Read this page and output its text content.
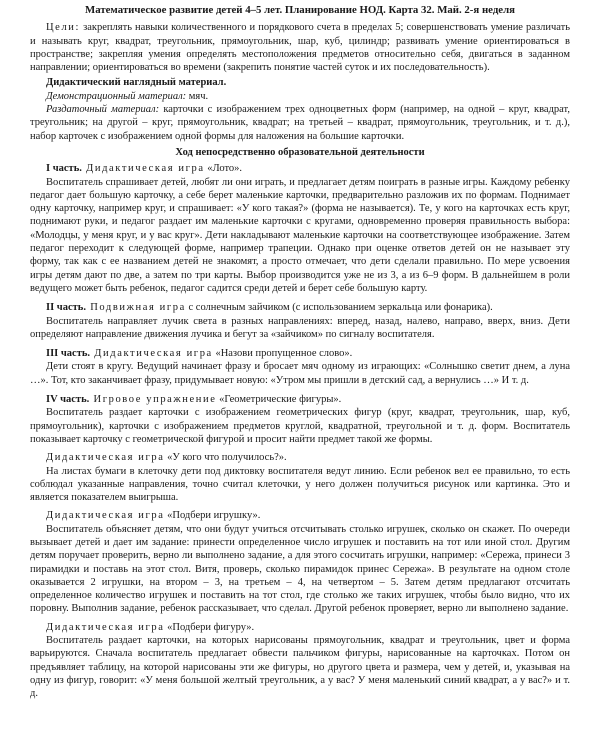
Математическое развитие детей 4–5 лет. Планирование НОД. Карта 32. Май. 2-я неделя

Цели: закреплять навыки количественного и порядкового счета в пределах 5; совершенствовать умение различать и называть круг, квадрат, треугольник, прямоугольник, шар, куб, цилиндр; развивать умение ориентироваться в пространстве; закрепляя умения определять местоположения предметов относительно себя, двигаться в заданном направлении; ориентироваться во времени (закрепить понятие частей суток и их последовательность).

Дидактический наглядный материал.

Демонстрационный материал: мяч.

Раздаточный материал: карточки с изображением трех одноцветных форм (например, на одной – круг, квадрат, треугольник; на другой – круг, прямоугольник, квадрат; на третьей – квадрат, прямоугольник, треугольник, и т. д.), набор карточек с изображением одной формы для наложения на большие карточки.

Ход непосредственно образовательной деятельности

I часть. Дидактическая игра «Лото».

Воспитатель спрашивает детей, любят ли они играть, и предлагает детям поиграть в разные игры. Каждому ребенку педагог дает большую карточку, а себе берет маленькие карточки, предварительно разложив их по формам. Поднимает одну карточку, например круг, и спрашивает: «У кого такая?» (форма не называется). Те, у кого на карточках есть круг, поднимают руки, и педагог раздает им маленькие карточки с кругами, одновременно проверяя правильность выбора: «Молодцы, у меня круг, и у вас круг». Дети накладывают маленькие карточки на соответствующее изображение. Затем педагог переходит к следующей форме, например трапеции. Однако при оценке ответов детей он не называет эту форму, так как с ее названием детей не знакомят, а просто отмечает, что дети сделали правильно. По мере усвоения игры детям дают по две, а затем по три карты. Выбор производится уже не из 3, а из 6–9 форм. В дальнейшем в роли ведущего может быть ребенок, педагог садится среди детей и берет себе большую карту.

II часть. Подвижная игра с солнечным зайчиком (с использованием зеркальца или фонарика).

Воспитатель направляет лучик света в разных направлениях: вперед, назад, налево, направо, вверх, вниз. Дети определяют направление движения лучика и бегут за «зайчиком» по сигналу воспитателя.

III часть. Дидактическая игра «Назови пропущенное слово».

Дети стоят в кругу. Ведущий начинает фразу и бросает мяч одному из играющих: «Солнышко светит днем, а луна …». Тот, кто заканчивает фразу, придумывает новую: «Утром мы пришли в детский сад, а вернулись …» И т. д.

IV часть. Игровое упражнение «Геометрические фигуры».

Воспитатель раздает карточки с изображением геометрических фигур (круг, квадрат, треугольник, шар, куб, прямоугольник), карточки с изображением предметов круглой, квадратной, треугольной и т. д. форм. Воспитатель показывает карточку с геометрической фигурой и просит найти предмет такой же формы.

Дидактическая игра «У кого что получилось?».

На листах бумаги в клеточку дети под диктовку воспитателя ведут линию. Если ребенок вел ее правильно, то есть соблюдал указанные направления, точно считал клеточки, у него должен получиться рисунок или картинка. Это и является показателем выигрыша.

Дидактическая игра «Подбери игрушку».

Воспитатель объясняет детям, что они будут учиться отсчитывать столько игрушек, сколько он скажет. По очереди вызывает детей и дает им задание: принести определенное число игрушек и поставить на тот или иной стол. Другим детям поручает проверить, верно ли выполнено задание, а для этого сосчитать игрушки, например: «Сережа, принеси 3 пирамидки и поставь на этот стол. Витя, проверь, сколько пирамидок принес Сережа». В результате на одном столе оказывается 2 игрушки, на втором – 3, на третьем – 4, на четвертом – 5. Затем детям предлагают отсчитать определенное количество игрушек и поставить на тот стол, где столько же таких игрушек, чтобы было видно, что их поровну. Выполнив задание, ребенок рассказывает, что сделал. Другой ребенок проверяет, верно ли выполнено задание.

Дидактическая игра «Подбери фигуру».

Воспитатель раздает карточки, на которых нарисованы прямоугольник, квадрат и треугольник, цвет и форма варьируются. Сначала воспитатель предлагает обвести пальчиком фигуры, нарисованные на карточках. Потом он предъявляет таблицу, на которой нарисованы эти же фигуры, но другого цвета и размера, чем у детей, и, указывая на одну из фигур, говорит: «У меня большой желтый треугольник, а у вас? У меня маленький синий квадрат, а у вас?» и т. д.
